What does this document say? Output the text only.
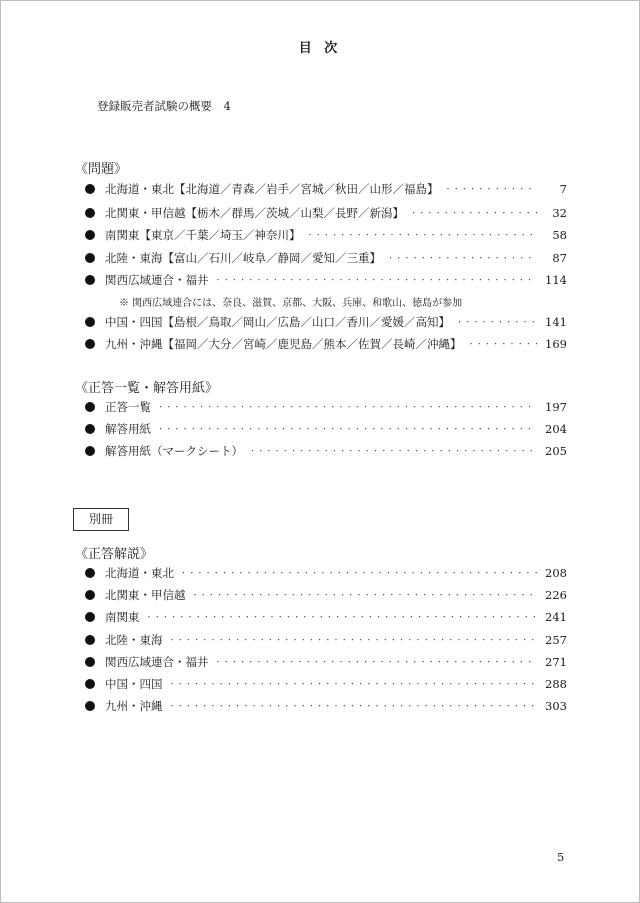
目 次
登録販売者試験の概要　4
《問題》
北海道・東北【北海道／青森／岩手／宮城／秋田／山形／福島】 ・・・・・・・・・・・・・・・・・・・・・・・・・・・・・・・・・・・・・・・・・・・・・・・・・・・・・・・・・・・・	7
北関東・甲信越【栃木／群馬／茨城／山梨／長野／新潟】 ・・・・・・・・・・・・・・・・・・・・・・・・・・・・・・・・・・・・・・・・・・・・・・・・・・・・・・・・・・・・	32
南関東【東京／千葉／埼玉／神奈川】 ・・・・・・・・・・・・・・・・・・・・・・・・・・・・・・・・・・・・・・・・・・・・・・・・・・・・・・・・・・・・	58
北陸・東海【富山／石川／岐阜／静岡／愛知／三重】 ・・・・・・・・・・・・・・・・・・・・・・・・・・・・・・・・・・・・・・・・・・・・・・・・・・・・・・・・・・・・	87
関西広域連合・福井 ・・・・・・・・・・・・・・・・・・・・・・・・・・・・・・・・・・・・・・・・・・・・・・・・・・・・・・・・・・・・	114
※ 関西広域連合には、奈良、滋賀、京都、大阪、兵庫、和歌山、徳島が参加
中国・四国【島根／鳥取／岡山／広島／山口／香川／愛媛／高知】 ・・・・・・・・・・・・・・・・・・・・・・・・・・・・・・・・・・・・・・・・・・・・・・・・・・・・・・・・・・・・	141
九州・沖縄【福岡／大分／宮崎／鹿児島／熊本／佐賀／長崎／沖縄】 ・・・・・・・・・・・・・・・・・・・・・・・・・・・・・・・・・・・・・・・・・・・・・・・・・・・・・・・・・・・・	169
《正答一覧・解答用紙》
正答一覧 ・・・・・・・・・・・・・・・・・・・・・・・・・・・・・・・・・・・・・・・・・・・・・・・・・・・・・・・・・・・・	197
解答用紙 ・・・・・・・・・・・・・・・・・・・・・・・・・・・・・・・・・・・・・・・・・・・・・・・・・・・・・・・・・・・・	204
解答用紙（マークシート） ・・・・・・・・・・・・・・・・・・・・・・・・・・・・・・・・・・・・・・・・・・・・・・・・・・・・・・・・・・・・	205
別冊
《正答解説》
北海道・東北 ・・・・・・・・・・・・・・・・・・・・・・・・・・・・・・・・・・・・・・・・・・・・・・・・・・・・・・・・・・・・	208
北関東・甲信越 ・・・・・・・・・・・・・・・・・・・・・・・・・・・・・・・・・・・・・・・・・・・・・・・・・・・・・・・・・・・・	226
南関東 ・・・・・・・・・・・・・・・・・・・・・・・・・・・・・・・・・・・・・・・・・・・・・・・・・・・・・・・・・・・・	241
北陸・東海 ・・・・・・・・・・・・・・・・・・・・・・・・・・・・・・・・・・・・・・・・・・・・・・・・・・・・・・・・・・・・	257
関西広域連合・福井 ・・・・・・・・・・・・・・・・・・・・・・・・・・・・・・・・・・・・・・・・・・・・・・・・・・・・・・・・・・・・	271
中国・四国 ・・・・・・・・・・・・・・・・・・・・・・・・・・・・・・・・・・・・・・・・・・・・・・・・・・・・・・・・・・・・	288
九州・沖縄 ・・・・・・・・・・・・・・・・・・・・・・・・・・・・・・・・・・・・・・・・・・・・・・・・・・・・・・・・・・・・	303
5
